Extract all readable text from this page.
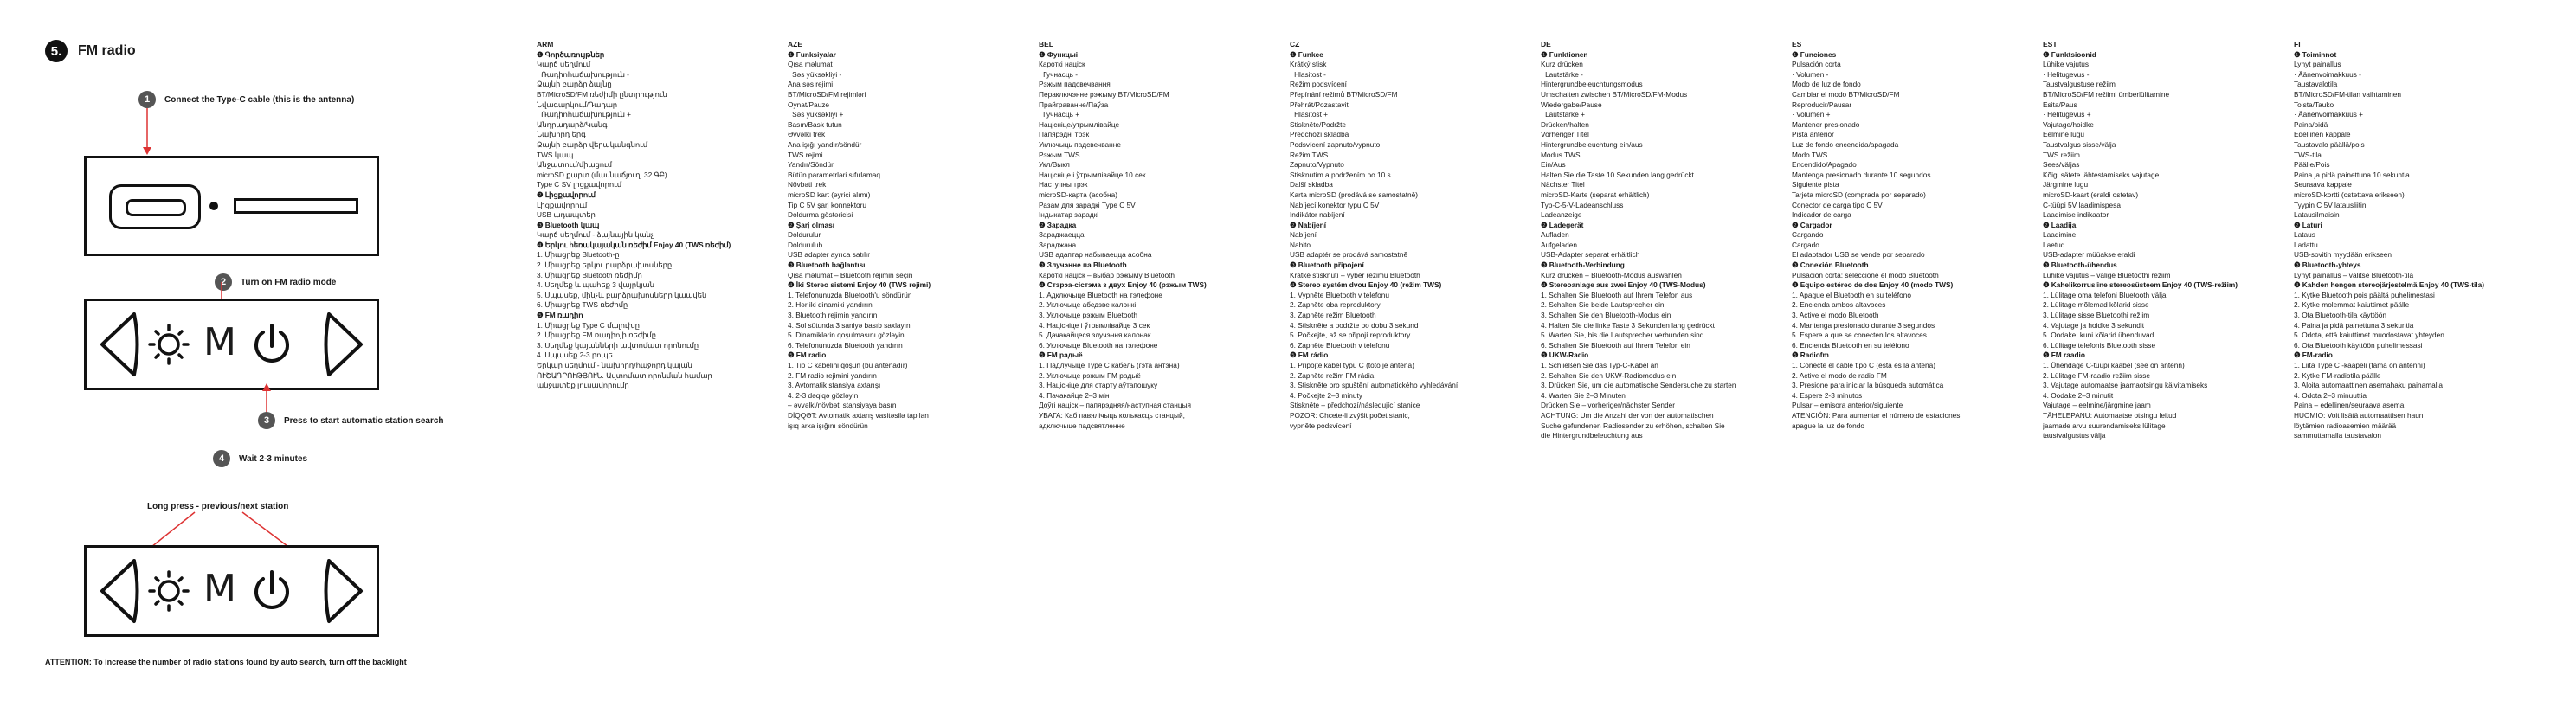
5.	FM radio
1	Connect the Type-C cable (this is the antenna)
2	Turn on FM radio mode
M
3	Press to start automatic station search
4	Wait 2-3 minutes
Long press - previous/next station
M
ATTENTION: To increase the number of radio stations found by auto search, turn off the backlight
ARM
❶ Գործառույթներ
Կարճ սեղմում
· Ռադիոհաճախություն -
Ձայնի բարձր ձայնը
BT/MicroSD/FM ռեժիմի ընտրություն
Նվագարկում/Դադար
· Ռադիոհաճախություն +
Անդրադարձ/Կանգ
Նախորդ երգ
Ձայնի բարձր վերականգնում
TWS կապ
Անջատում/միացում
microSD քարտ (մասնաճյուղ, 32 ԳԲ)
Type C SV լիցքավորում
❷ Լիցքավորում
Լիցքավորում
USB ադապտեր
❸ Bluetooth կապ
Կարճ սեղմում - ձայնային կանչ
❹ Երկու հեռակայական ռեժիմ Enjoy 40 (TWS ռեժիմ)
1. Միացրեք Bluetooth-ը
2. Միացրեք երկու բարձրախոսները
3. Միացրեք Bluetooth ռեժիմը
4. Սեղմեք և պահեք 3 վայրկյան
5. Սպասեք, մինչև բարձրախոսները կապվեն
6. Միացրեք TWS ռեժիմը
❺ FM ռադիո
1. Միացրեք Type C մալուխը
2. Միացրեք FM ռադիոյի ռեժիմը
3. Սեղմեք կայանների ավտոմատ որոնումը
4. Սպասեք 2-3 րոպե
Երկար սեղմում - նախորդ/հաջորդ կայան
ՈՒՇԱԴՐՈՒԹՅՈՒՆ. Ավտոմատ որոնման համար
անջատեք լուսավորումը
AZE
❶ Funksiyalar
Qısa məlumat
· Səs yüksəkliyi -
Ana səs rejimi
BT/MicroSD/FM rejimləri
Oynat/Pauze
· Səs yüksəkliyi +
Basın/Bask tutun
Əvvəlki trek
Ana işığı yandır/söndür
TWS rejimi
Yandır/Söndür
Bütün parametrləri sıfırlamaq
Növbəti trek
microSD kart (əyrici alımı)
Tip C 5V şarj konnektoru
Doldurma göstəricisi
❷ Şarj olması
Doldurulur
Doldurulub
USB adapter ayrıca satılır
❸ Bluetooth bağlantısı
Qısa məlumat – Bluetooth rejimin seçin
❹ İki Stereo sistemi Enjoy 40 (TWS rejimi)
1. Telefonunuzda Bluetooth'u söndürün
2. Hər iki dinamiki yandırın
3. Bluetooth rejimin yandırın
4. Sol sütunda 3 saniyə basıb saxlayın
5. Dinamiklərin qoşulmasını gözləyin
6. Telefonunuzda Bluetooth yandırın
❺ FM radio
1. Tip C kabelini qoşun (bu antenadır)
2. FM radio rejimini yandırın
3. Avtomatik stansiya axtarışı
4. 2-3 dəqiqə gözləyin
– əvvəlki/növbəti stansiyaya basın
DİQQƏT: Avtomatik axtarış vasitəsilə tapılan
işıq arxa işığını söndürün
BEL
❶ Функцыі
Кароткі націск
· Гучнасць -
Рэжым падсвечвання
Пераключэнне рэжыму BT/MicroSD/FM
Прайграванне/Паўза
· Гучнасць +
Націсніце/утрымлівайце
Папярэдні трэк
Уключыць падсвечванне
Рэжым TWS
Укл/Выкл
Націсніце і ўтрымлівайце 10 сек
Наступны трэк
microSD-карта (асобна)
Разам для зарадкі Type C 5V
Індыкатар зарадкі
❷ Зарадка
Зараджаецца
Зараджана
USB адаптар набываецца асобна
❸ Злучэнне па Bluetooth
Кароткі націск – выбар рэжыму Bluetooth
❹ Стэрэа-сістэма з двух Enjoy 40 (рэжым TWS)
1. Адключыце Bluetooth на тэлефоне
2. Уключыце абедзве калонкі
3. Уключыце рэжым Bluetooth
4. Націсніце і ўтрымлівайце 3 сек
5. Дачакайцеся злучэння калонак
6. Уключыце Bluetooth на тэлефоне
❺ FM радыё
1. Падлучыце Type C кабель (гэта антэна)
2. Уключыце рэжым FM радыё
3. Націсніце для старту аўтапошуку
4. Пачакайце 2–3 мін
Доўгі націск – папярэдняя/наступная станцыя
УВАГА: Каб павялічыць колькасць станцый,
адключыце падсвятленне
CZ
❶ Funkce
Krátký stisk
· Hlasitost -
Režim podsvícení
Přepínání režimů BT/MicroSD/FM
Přehrát/Pozastavit
· Hlasitost +
Stiskněte/Podržte
Předchozí skladba
Podsvícení zapnuto/vypnuto
Režim TWS
Zapnuto/Vypnuto
Stisknutím a podržením po 10 s
Další skladba
Karta microSD (prodává se samostatně)
Nabíjecí konektor typu C 5V
Indikátor nabíjení
❷ Nabíjení
Nabíjení
Nabito
USB adaptér se prodává samostatně
❸ Bluetooth připojení
Krátké stisknutí – výběr režimu Bluetooth
❹ Stereo systém dvou Enjoy 40 (režim TWS)
1. Vypněte Bluetooth v telefonu
2. Zapněte oba reproduktory
3. Zapněte režim Bluetooth
4. Stiskněte a podržte po dobu 3 sekund
5. Počkejte, až se připojí reproduktory
6. Zapněte Bluetooth v telefonu
❺ FM rádio
1. Připojte kabel typu C (toto je anténa)
2. Zapněte režim FM rádia
3. Stiskněte pro spuštění automatického vyhledávání
4. Počkejte 2–3 minuty
Stiskněte – předchozí/následující stanice
POZOR: Chcete-li zvýšit počet stanic,
vypněte podsvícení
DE
❶ Funktionen
Kurz drücken
· Lautstärke -
Hintergrundbeleuchtungsmodus
Umschalten zwischen BT/MicroSD/FM-Modus
Wiedergabe/Pause
· Lautstärke +
Drücken/halten
Vorheriger Titel
Hintergrundbeleuchtung ein/aus
Modus TWS
Ein/Aus
Halten Sie die Taste 10 Sekunden lang gedrückt
Nächster Titel
microSD-Karte (separat erhältlich)
Typ-C-5-V-Ladeanschluss
Ladeanzeige
❷ Ladegerät
Aufladen
Aufgeladen
USB-Adapter separat erhältlich
❸ Bluetooth-Verbindung
Kurz drücken – Bluetooth-Modus auswählen
❹ Stereoanlage aus zwei Enjoy 40 (TWS-Modus)
1. Schalten Sie Bluetooth auf Ihrem Telefon aus
2. Schalten Sie beide Lautsprecher ein
3. Schalten Sie den Bluetooth-Modus ein
4. Halten Sie die linke Taste 3 Sekunden lang gedrückt
5. Warten Sie, bis die Lautsprecher verbunden sind
6. Schalten Sie Bluetooth auf Ihrem Telefon ein
❺ UKW-Radio
1. Schließen Sie das Typ-C-Kabel an
2. Schalten Sie den UKW-Radiomodus ein
3. Drücken Sie, um die automatische Sendersuche zu starten
4. Warten Sie 2–3 Minuten
Drücken Sie – vorheriger/nächster Sender
ACHTUNG: Um die Anzahl der von der automatischen
Suche gefundenen Radiosender zu erhöhen, schalten Sie
die Hintergrundbeleuchtung aus
ES
❶ Funciones
Pulsación corta
· Volumen -
Modo de luz de fondo
Cambiar el modo BT/MicroSD/FM
Reproducir/Pausar
· Volumen +
Mantener presionado
Pista anterior
Luz de fondo encendida/apagada
Modo TWS
Encendido/Apagado
Mantenga presionado durante 10 segundos
Siguiente pista
Tarjeta microSD (comprada por separado)
Conector de carga tipo C 5V
Indicador de carga
❷ Cargador
Cargando
Cargado
El adaptador USB se vende por separado
❸ Conexión Bluetooth
Pulsación corta: seleccione el modo Bluetooth
❹ Equipo estéreo de dos Enjoy 40 (modo TWS)
1. Apague el Bluetooth en su teléfono
2. Encienda ambos altavoces
3. Active el modo Bluetooth
4. Mantenga presionado durante 3 segundos
5. Espere a que se conecten los altavoces
6. Encienda Bluetooth en su teléfono
❺ Radiofm
1. Conecte el cable tipo C (esta es la antena)
2. Active el modo de radio FM
3. Presione para iniciar la búsqueda automática
4. Espere 2-3 minutos
Pulsar – emisora anterior/siguiente
ATENCIÓN: Para aumentar el número de estaciones
apague la luz de fondo
EST
❶ Funktsioonid
Lühike vajutus
· Helitugevus -
Taustvalgustuse režiim
BT/MicroSD/FM režiimi ümberlülitamine
Esita/Paus
· Helitugevus +
Vajutage/hoidke
Eelmine lugu
Taustvalgus sisse/välja
TWS režiim
Sees/väljas
Kõigi sätete lähtestamiseks vajutage
Järgmine lugu
microSD-kaart (eraldi ostetav)
C-tüüpi 5V laadimispesa
Laadimise indikaator
❷ Laadija
Laadimine
Laetud
USB-adapter müüakse eraldi
❸ Bluetooth-ühendus
Lühike vajutus – valige Bluetoothi režiim
❹ Kahelikorrusline stereosüsteem Enjoy 40 (TWS-režiim)
1. Lülitage oma telefoni Bluetooth välja
2. Lülitage mõlemad kõlarid sisse
3. Lülitage sisse Bluetoothi režiim
4. Vajutage ja hoidke 3 sekundit
5. Oodake, kuni kõlarid ühenduvad
6. Lülitage telefonis Bluetooth sisse
❺ FM raadio
1. Ühendage C-tüüpi kaabel (see on antenn)
2. Lülitage FM-raadio režiim sisse
3. Vajutage automaatse jaamaotsingu käivitamiseks
4. Oodake 2–3 minutit
Vajutage – eelmine/järgmine jaam
TÄHELEPANU: Automaatse otsingu leitud
jaamade arvu suurendamiseks lülitage
taustvalgustus välja
FI
❶ Toiminnot
Lyhyt painallus
· Äänenvoimakkuus -
Taustavalotila
BT/MicroSD/FM-tilan vaihtaminen
Toista/Tauko
· Äänenvoimakkuus +
Paina/pidä
Edellinen kappale
Taustavalo päällä/pois
TWS-tila
Päälle/Pois
Paina ja pidä painettuna 10 sekuntia
Seuraava kappale
microSD-kortti (ostettava erikseen)
Tyypin C 5V latausliitin
Latausilmaisin
❷ Laturi
Lataus
Ladattu
USB-sovitin myydään erikseen
❸ Bluetooth-yhteys
Lyhyt painallus – valitse Bluetooth-tila
❹ Kahden hengen stereojärjestelmä Enjoy 40 (TWS-tila)
1. Kytke Bluetooth pois päältä puhelimestasi
2. Kytke molemmat kaiuttimet päälle
3. Ota Bluetooth-tila käyttöön
4. Paina ja pidä painettuna 3 sekuntia
5. Odota, että kaiuttimet muodostavat yhteyden
6. Ota Bluetooth käyttöön puhelimessasi
❺ FM-radio
1. Liitä Type C -kaapeli (tämä on antenni)
2. Kytke FM-radiotila päälle
3. Aloita automaattinen asemahaku painamalla
4. Odota 2–3 minuuttia
Paina – edellinen/seuraava asema
HUOMIO: Voit lisätä automaattisen haun
löytämien radioasemien määrää
sammuttamalla taustavalon
